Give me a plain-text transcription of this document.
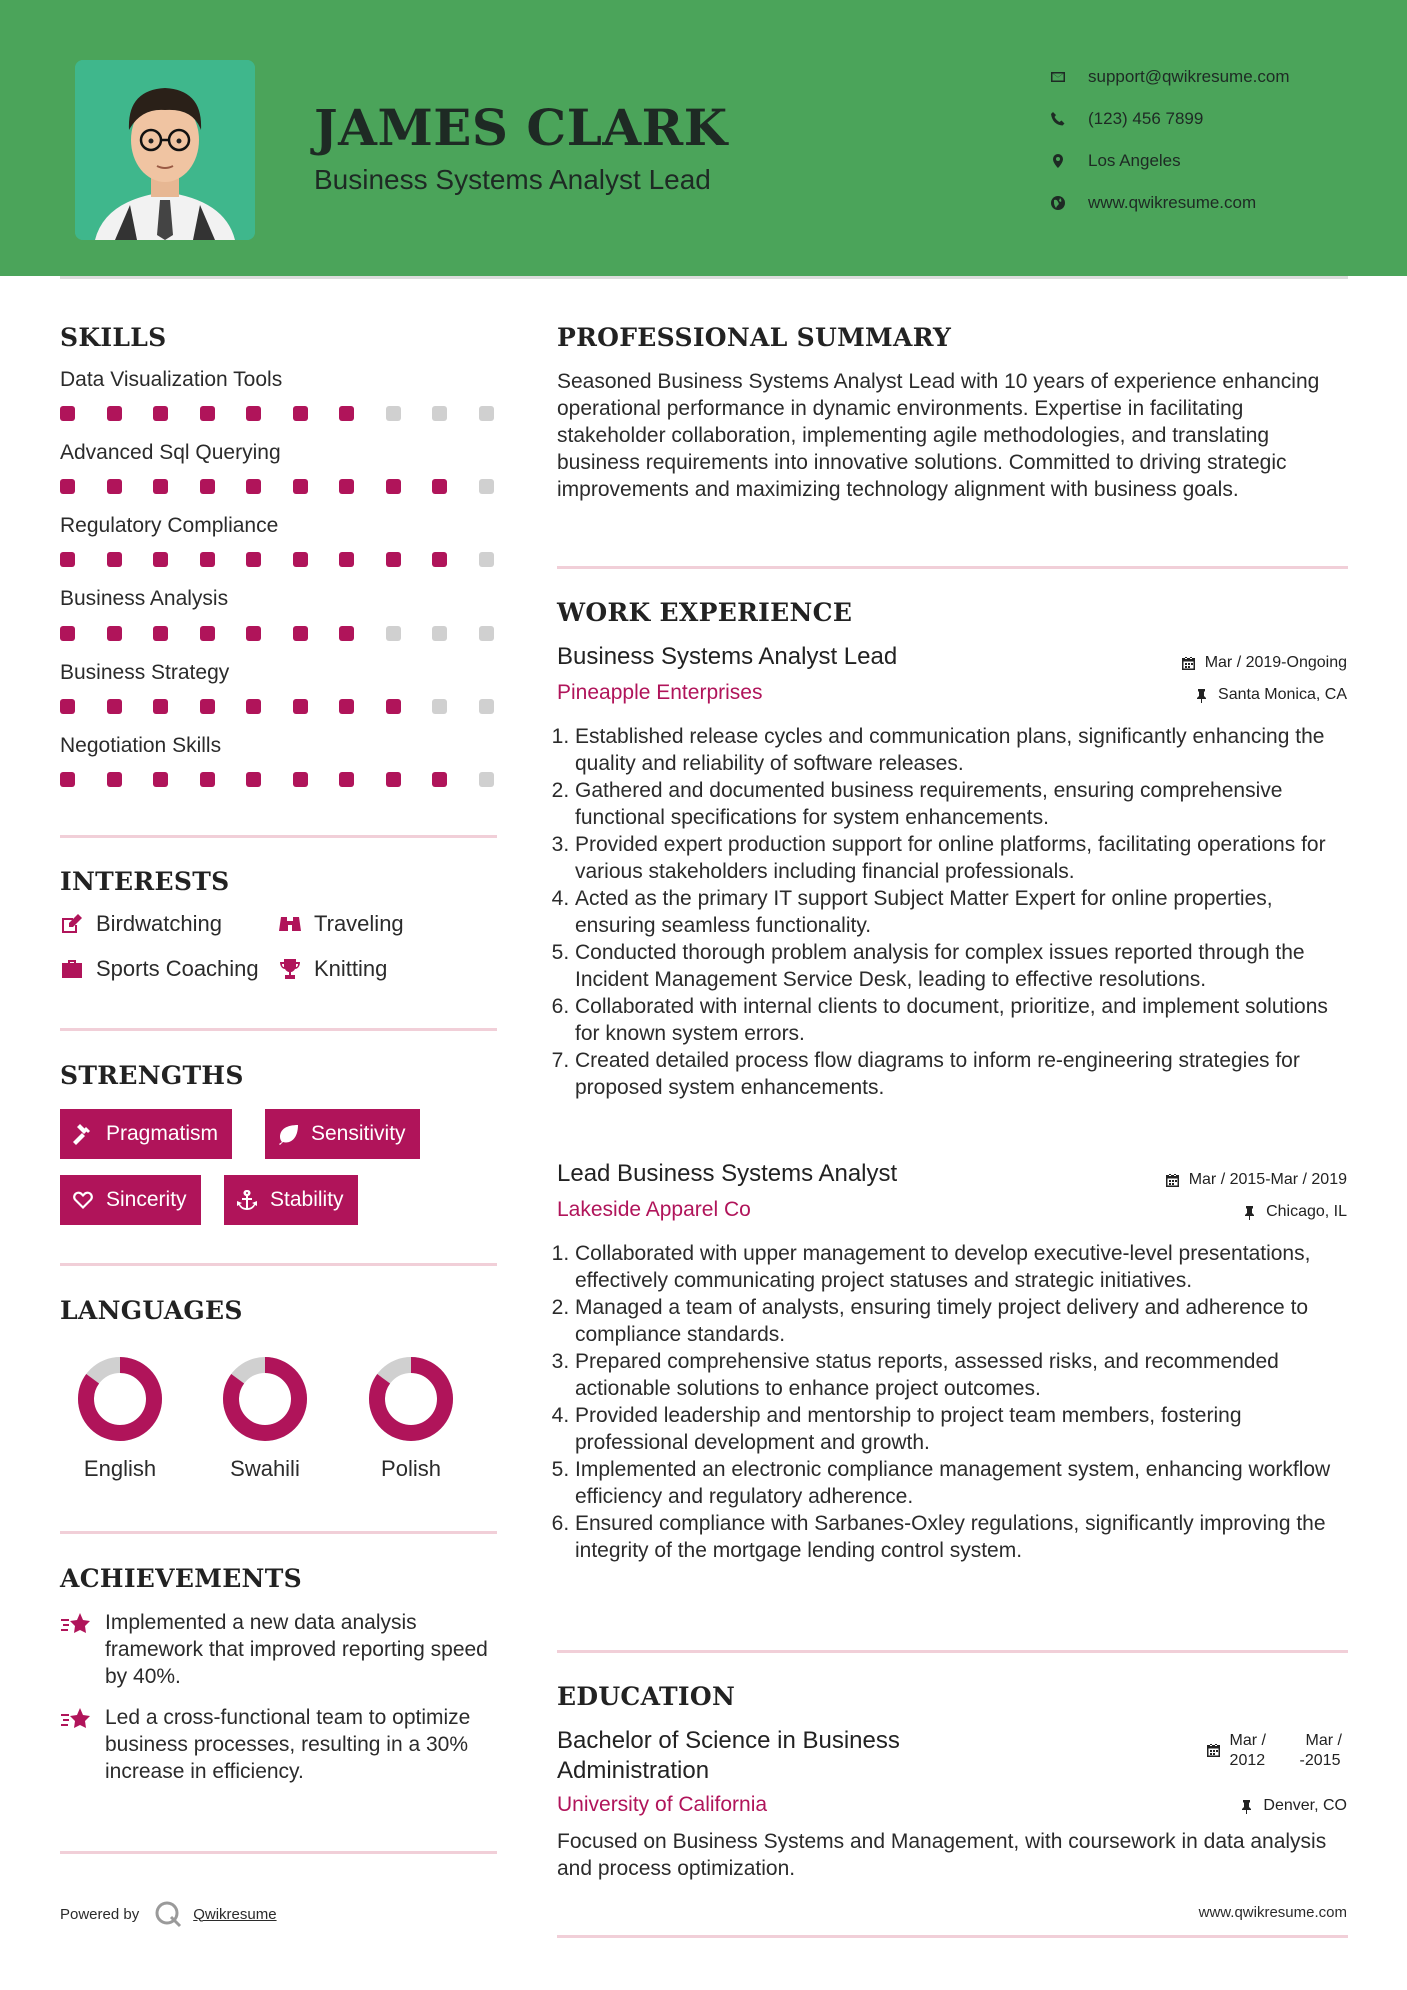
JAMES CLARK
Business Systems Analyst Lead
support@qwikresume.com
(123) 456 7899
Los Angeles
www.qwikresume.com
SKILLS
Data Visualization Tools
Advanced Sql Querying
Regulatory Compliance
Business Analysis
Business Strategy
Negotiation Skills
INTERESTS
Birdwatching	Traveling
Sports Coaching	Knitting
STRENGTHS
Pragmatism	Sensitivity
Sincerity	Stability
LANGUAGES
English	Swahili	Polish
ACHIEVEMENTS
Implemented a new data analysis framework that improved reporting speed by 40%.
Led a cross-functional team to optimize business processes, resulting in a 30% increase in efficiency.
Powered by	Qwikresume
PROFESSIONAL SUMMARY
Seasoned Business Systems Analyst Lead with 10 years of experience enhancing operational performance in dynamic environments. Expertise in facilitating stakeholder collaboration, implementing agile methodologies, and translating business requirements into innovative solutions. Committed to driving strategic improvements and maximizing technology alignment with business goals.
WORK EXPERIENCE
Business Systems Analyst Lead	Mar / 2019-Ongoing
Pineapple Enterprises	Santa Monica, CA
1. Established release cycles and communication plans, significantly enhancing the quality and reliability of software releases.
2. Gathered and documented business requirements, ensuring comprehensive functional specifications for system enhancements.
3. Provided expert production support for online platforms, facilitating operations for various stakeholders including financial professionals.
4. Acted as the primary IT support Subject Matter Expert for online properties, ensuring seamless functionality.
5. Conducted thorough problem analysis for complex issues reported through the Incident Management Service Desk, leading to effective resolutions.
6. Collaborated with internal clients to document, prioritize, and implement solutions for known system errors.
7. Created detailed process flow diagrams to inform re-engineering strategies for proposed system enhancements.
Lead Business Systems Analyst	Mar / 2015-Mar / 2019
Lakeside Apparel Co	Chicago, IL
1. Collaborated with upper management to develop executive-level presentations, effectively communicating project statuses and strategic initiatives.
2. Managed a team of analysts, ensuring timely project delivery and adherence to compliance standards.
3. Prepared comprehensive status reports, assessed risks, and recommended actionable solutions to enhance project outcomes.
4. Provided leadership and mentorship to project team members, fostering professional development and growth.
5. Implemented an electronic compliance management system, enhancing workflow efficiency and regulatory adherence.
6. Ensured compliance with Sarbanes-Oxley regulations, significantly improving the integrity of the mortgage lending control system.
EDUCATION
Bachelor of Science in Business
Administration
Mar /
2012
Mar /
-2015
University of California	Denver, CO
Focused on Business Systems and Management, with coursework in data analysis and process optimization.
www.qwikresume.com
